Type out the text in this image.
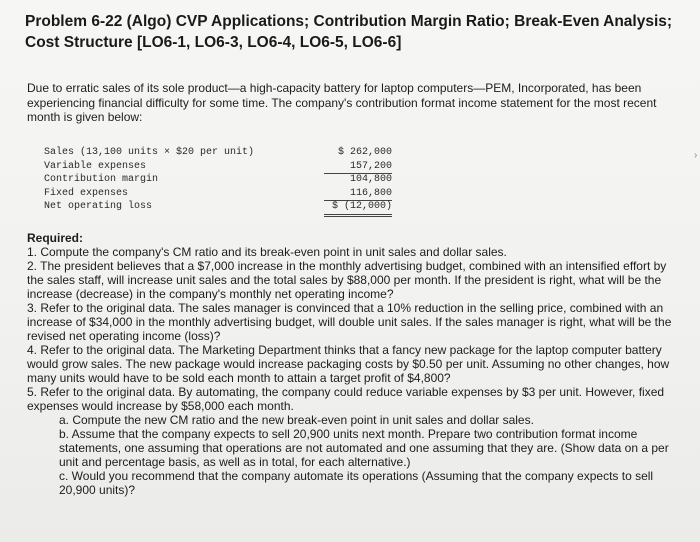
Problem 6-22 (Algo) CVP Applications; Contribution Margin Ratio; Break-Even Analysis; Cost Structure [LO6-1, LO6-3, LO6-4, LO6-5, LO6-6]
Due to erratic sales of its sole product—a high-capacity battery for laptop computers—PEM, Incorporated, has been experiencing financial difficulty for some time. The company's contribution format income statement for the most recent month is given below:
Sales (13,100 units × $20 per unit)	$ 262,000
Variable expenses	157,200
Contribution margin	104,800
Fixed expenses	116,800
Net operating loss	$ (12,000)
Required:

1. Compute the company's CM ratio and its break-even point in unit sales and dollar sales.

2. The president believes that a $7,000 increase in the monthly advertising budget, combined with an intensified effort by the sales staff, will increase unit sales and the total sales by $88,000 per month. If the president is right, what will be the increase (decrease) in the company's monthly net operating income?

3. Refer to the original data. The sales manager is convinced that a 10% reduction in the selling price, combined with an increase of $34,000 in the monthly advertising budget, will double unit sales. If the sales manager is right, what will be the revised net operating income (loss)?

4. Refer to the original data. The Marketing Department thinks that a fancy new package for the laptop computer battery would grow sales. The new package would increase packaging costs by $0.50 per unit. Assuming no other changes, how many units would have to be sold each month to attain a target profit of $4,800?

5. Refer to the original data. By automating, the company could reduce variable expenses by $3 per unit. However, fixed expenses would increase by $58,000 each month.

a. Compute the new CM ratio and the new break-even point in unit sales and dollar sales.

b. Assume that the company expects to sell 20,900 units next month. Prepare two contribution format income statements, one assuming that operations are not automated and one assuming that they are. (Show data on a per unit and percentage basis, as well as in total, for each alternative.)

c. Would you recommend that the company automate its operations (Assuming that the company expects to sell 20,900 units)?

›
